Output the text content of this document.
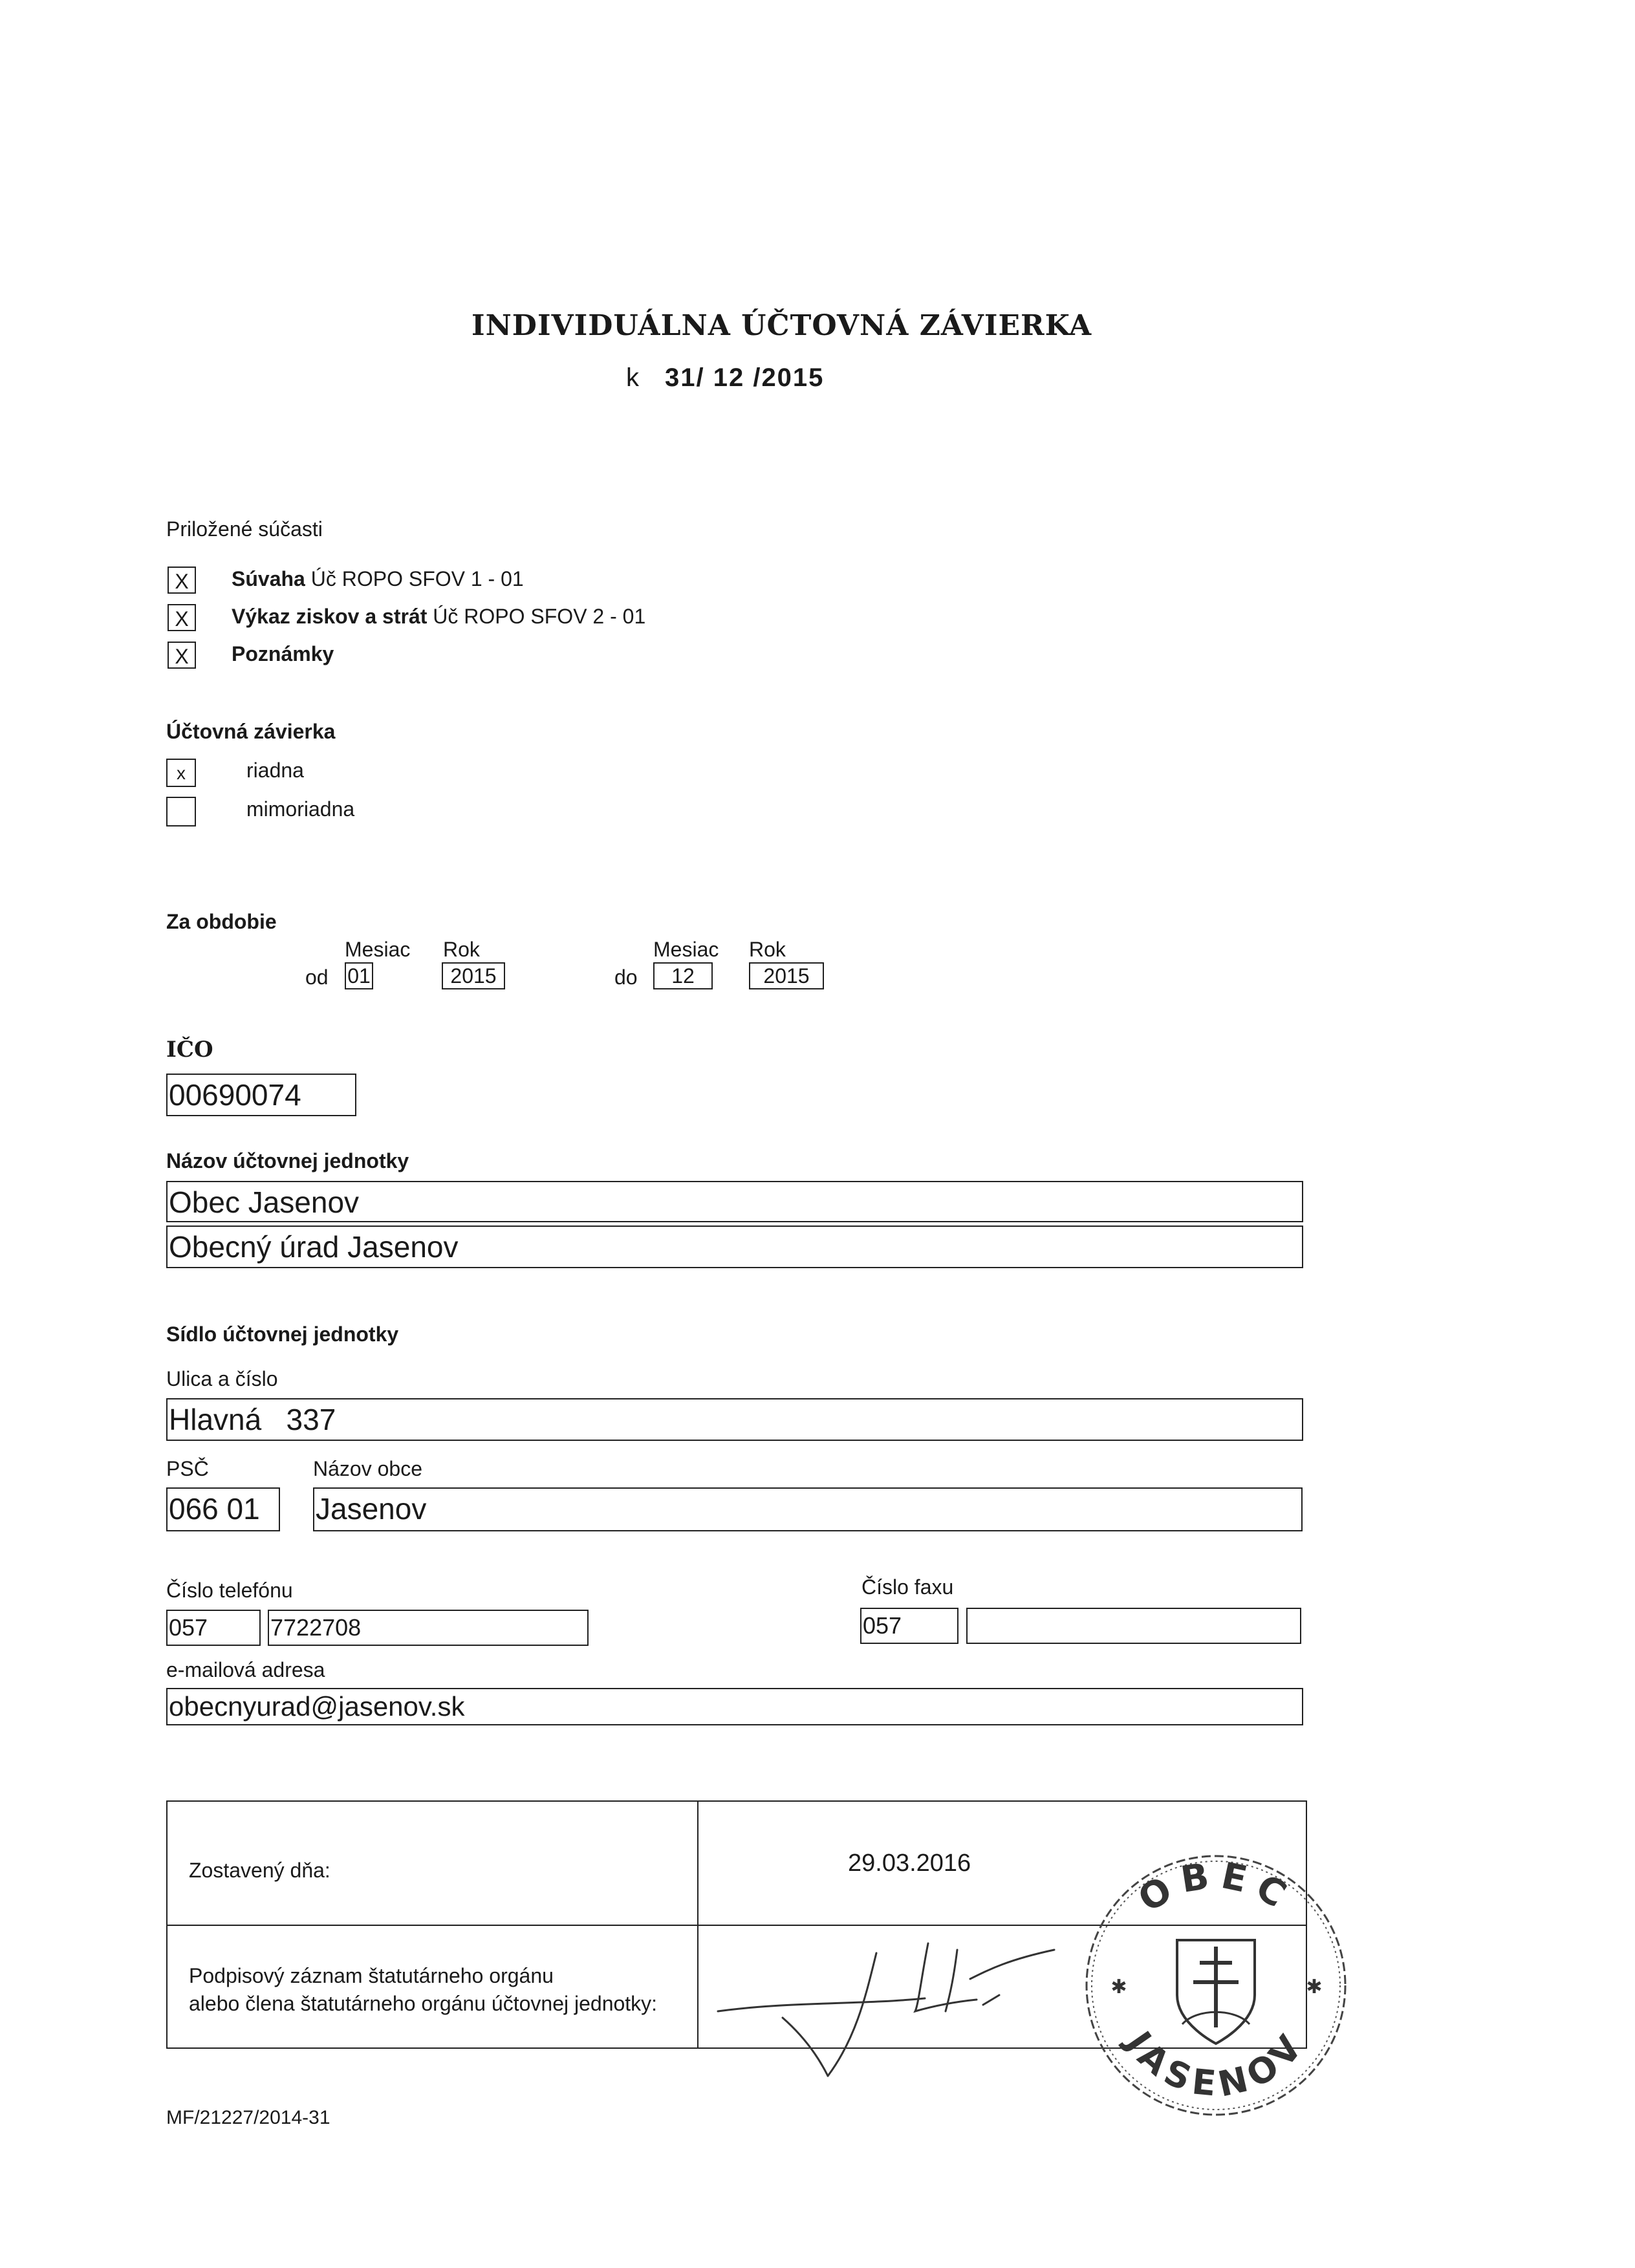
INDIVIDUÁLNA ÚČTOVNÁ ZÁVIERKA
k 31/ 12 /2015
Priložené súčasti
X	Súvaha Úč ROPO SFOV 1 - 01
X	Výkaz ziskov a strát Úč ROPO SFOV 2 - 01
X	Poznámky
Účtovná závierka
x	riadna
mimoriadna
Za obdobie
Mesiac Rok	Mesiac Rok
od 01	2015	do	12	2015
IČO
00690074
Názov účtovnej jednotky
Obec Jasenov
Obecný úrad Jasenov
Sídlo účtovnej jednotky
Ulica a číslo
Hlavná   337
PSČ	Názov obce
066 01	Jasenov
Číslo telefónu	Číslo faxu
057	7722708	057
e-mailová adresa
obecnyurad@jasenov.sk
Zostavený dňa:	29.03.2016
Podpisový záznam štatutárneho orgánu
alebo člena štatutárneho orgánu účtovnej jednotky:
OBEC
JASENOV
✱	✱
MF/21227/2014-31
